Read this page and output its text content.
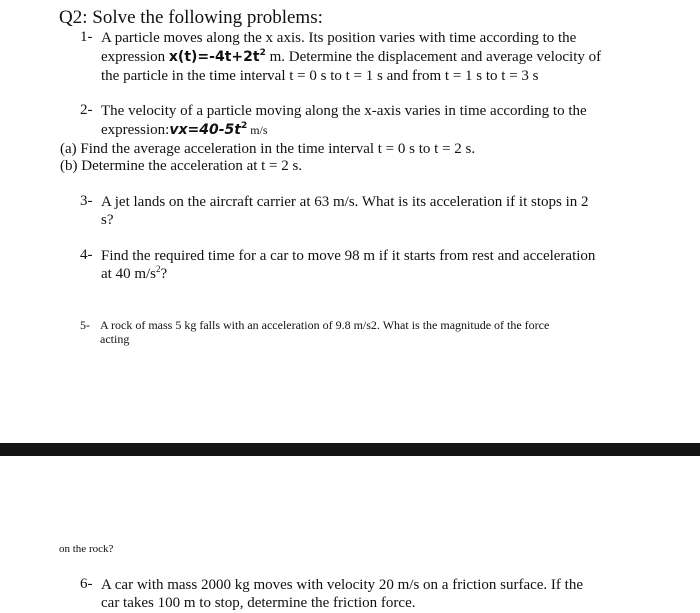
Q2: Solve the following problems:
1- A particle moves along the x axis. Its position varies with time according to the
expression $x(t)=-4t+2t^2$ m. Determine the displacement and average velocity of
the particle in the time interval t = 0 s to t = 1 s and from t = 1 s to t = 3 s
2- The velocity of a particle moving along the x-axis varies in time according to the
$expression:vx=40-5t^2$ m/s
(a) Find the average acceleration in the time interval t = 0 s to t = 2 s.
(b) Determine the acceleration at t = 2 s.
3- A jet lands on the aircraft carrier at 63 m/s. What is its acceleration if it stops in 2
s?
4- Find the required time for a car to move 98 m if it starts from rest and acceleration
at 40 $m/s^2$?
5- A rock of mass 5 kg falls with an acceleration of 9.8 m/s2. What is the magnitude of the force
acting
on the rock?
6- A car with mass 2000 kg moves with velocity 20 m/s on a friction surface. If the
car takes 100 m to stop, determine the friction force.
